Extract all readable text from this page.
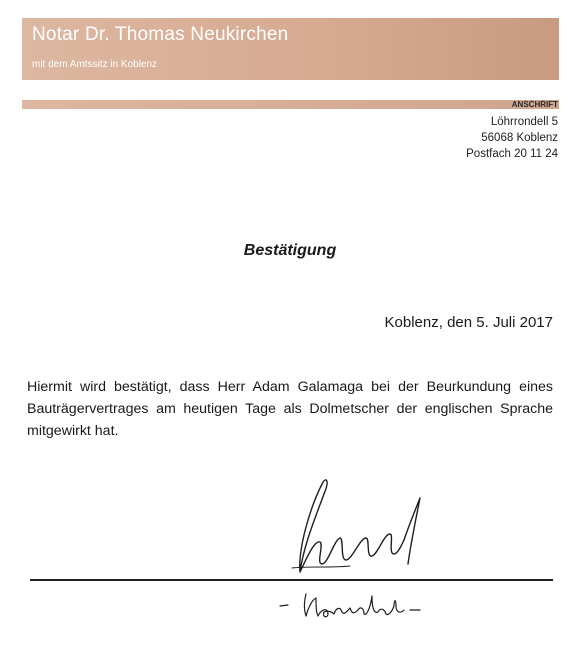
Notar Dr. Thomas Neukirchen
mit dem Amtssitz in Koblenz
ANSCHRIFT
Löhrrondell 5
56068 Koblenz
Postfach 20 11 24
Bestätigung
Koblenz, den 5. Juli 2017
Hiermit wird bestätigt, dass Herr Adam Galamaga bei der Beurkundung eines Bauträgervertrages am heutigen Tage als Dolmetscher der englischen Sprache mitgewirkt hat.
